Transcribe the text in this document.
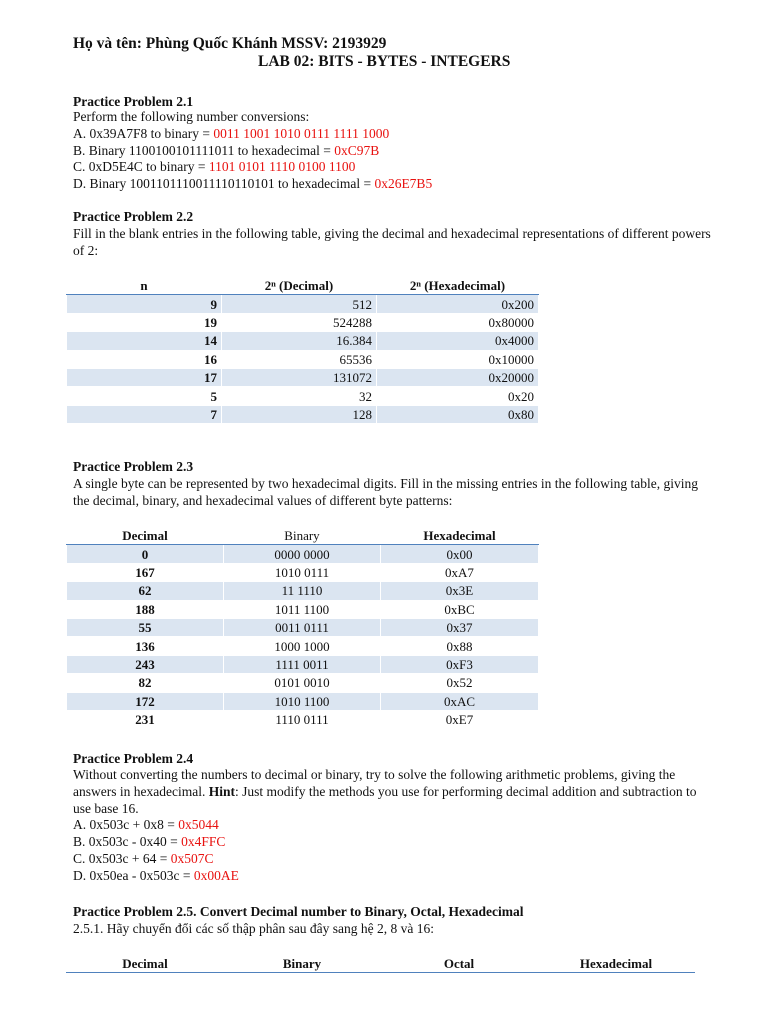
Họ và tên: Phùng Quốc Khánh MSSV: 2193929
LAB 02: BITS - BYTES - INTEGERS
Practice Problem 2.1
Perform the following number conversions:
A. 0x39A7F8 to binary = 0011 1001 1010 0111 1111 1000
B. Binary 1100100101111011 to hexadecimal = 0xC97B
C. 0xD5E4C to binary = 1101 0101 1110 0100 1100
D. Binary 1001101110011110110101 to hexadecimal = 0x26E7B5
Practice Problem 2.2
Fill in the blank entries in the following table, giving the decimal and hexadecimal representations of different powers of 2:
n	2ⁿ (Decimal)	2ⁿ (Hexadecimal)
9	512	0x200
19	524288	0x80000
14	16.384	0x4000
16	65536	0x10000
17	131072	0x20000
5	32	0x20
7	128	0x80
Practice Problem 2.3
A single byte can be represented by two hexadecimal digits. Fill in the missing entries in the following table, giving the decimal, binary, and hexadecimal values of different byte patterns:
Decimal	Binary	Hexadecimal
0	0000 0000	0x00
167	1010 0111	0xA7
62	11 1110	0x3E
188	1011 1100	0xBC
55	0011 0111	0x37
136	1000 1000	0x88
243	1111 0011	0xF3
82	0101 0010	0x52
172	1010 1100	0xAC
231	1110 0111	0xE7
Practice Problem 2.4
Without converting the numbers to decimal or binary, try to solve the following arithmetic problems, giving the answers in hexadecimal. Hint: Just modify the methods you use for performing decimal addition and subtraction to use base 16.
A. 0x503c + 0x8 = 0x5044
B. 0x503c - 0x40 = 0x4FFC
C. 0x503c + 64 = 0x507C
D. 0x50ea - 0x503c = 0x00AE
Practice Problem 2.5. Convert Decimal number to Binary, Octal, Hexadecimal
2.5.1. Hãy chuyển đổi các số thập phân sau đây sang hệ 2, 8 và 16:
Decimal	Binary	Octal	Hexadecimal
